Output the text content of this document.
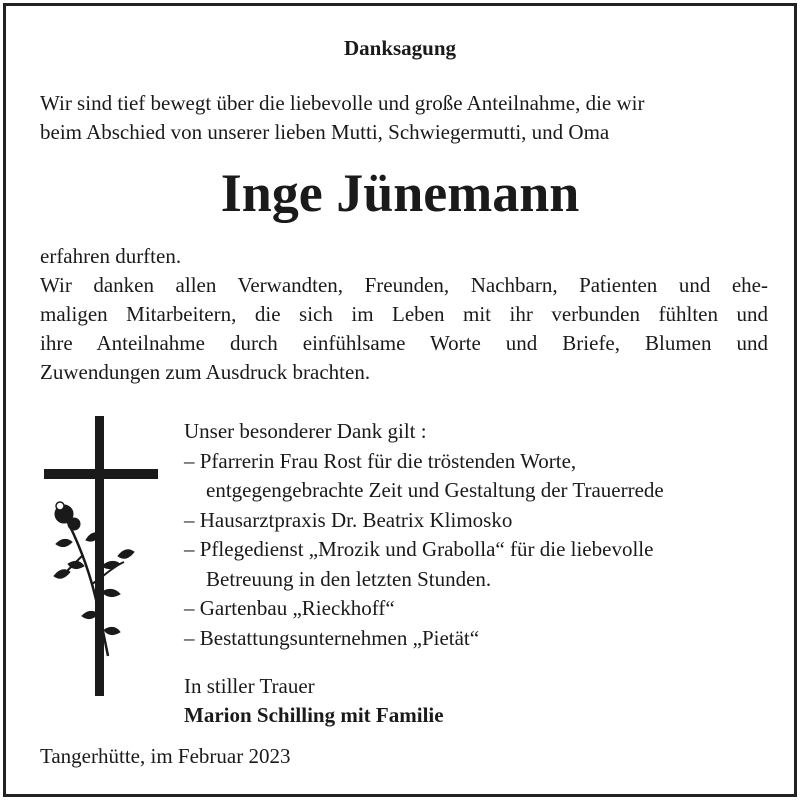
Danksagung
Wir sind tief bewegt über die liebevolle und große Anteilnahme, die wir
beim Abschied von unserer lieben Mutti, Schwiegermutti, und Oma
Inge Jünemann
erfahren durften.
Wir danken allen Verwandten, Freunden, Nachbarn, Patienten und ehe-
maligen Mitarbeitern, die sich im Leben mit ihr verbunden fühlten und
ihre Anteilnahme durch einfühlsame Worte und Briefe, Blumen und
Zuwendungen zum Ausdruck brachten.
Unser besonderer Dank gilt :
– Pfarrerin Frau Rost für die tröstenden Worte,
entgegengebrachte Zeit und Gestaltung der Trauerrede
– Hausarztpraxis Dr. Beatrix Klimosko
– Pflegedienst „Mrozik und Grabolla“ für die liebevolle
Betreuung in den letzten Stunden.
– Gartenbau „Rieckhoff“
– Bestattungsunternehmen „Pietät“
In stiller Trauer
Marion Schilling mit Familie
Tangerhütte, im Februar 2023
